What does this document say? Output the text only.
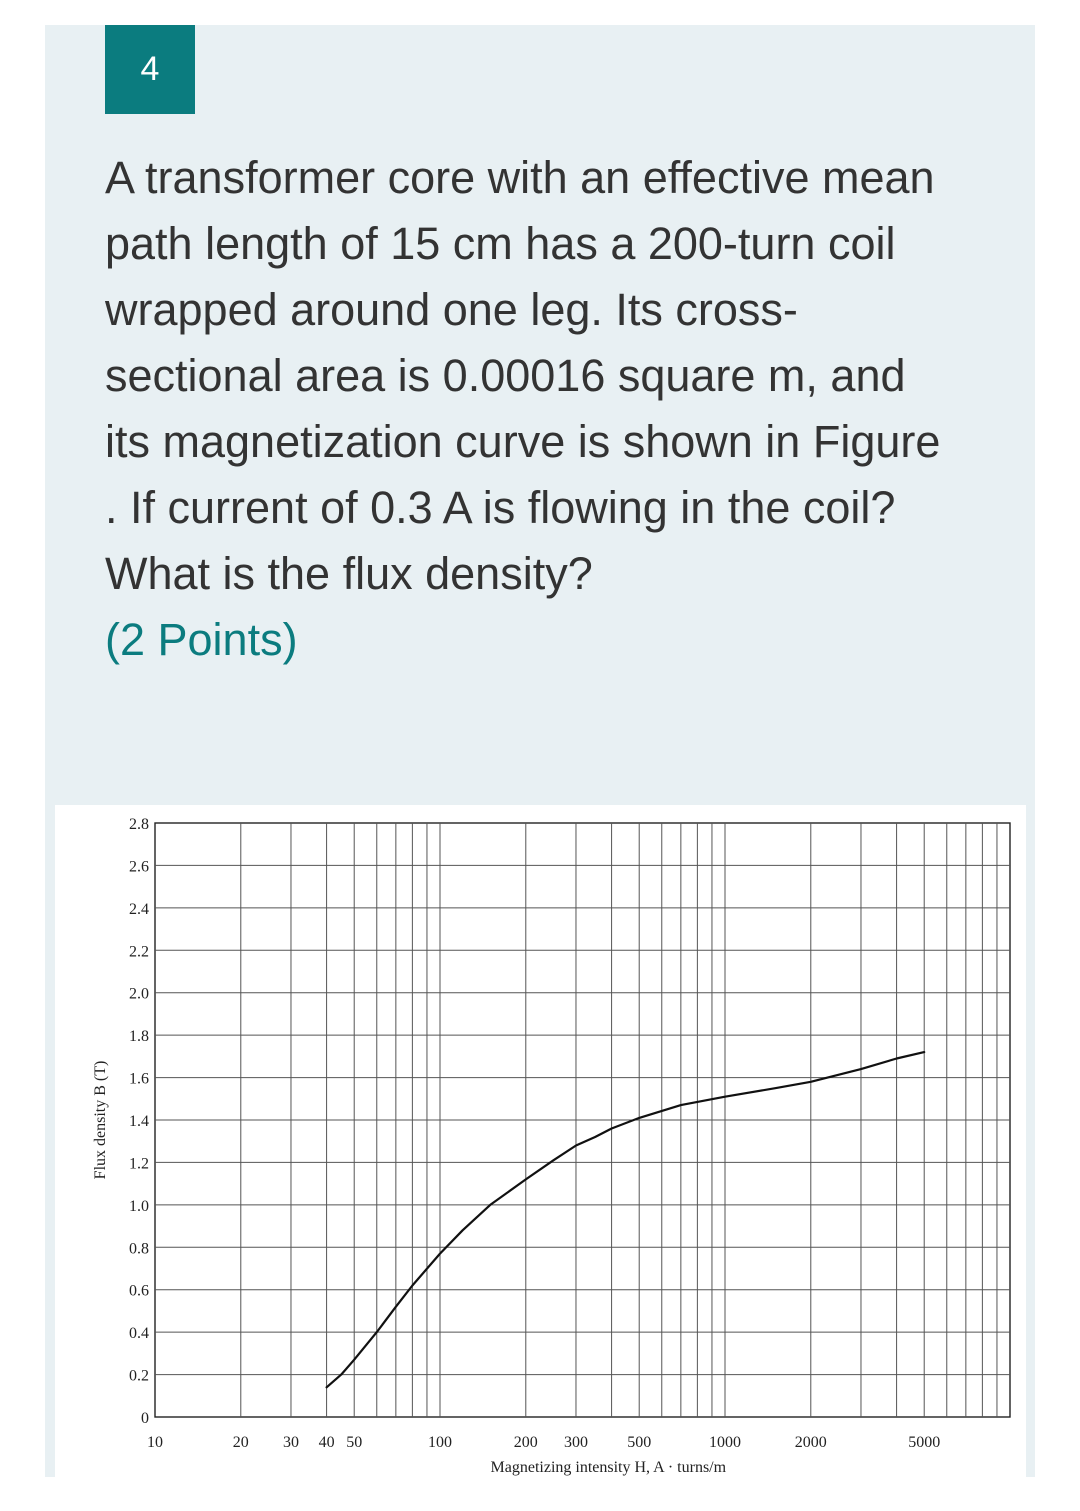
4
A transformer core with an effective mean path length of 15 cm has a 200-turn coil wrapped around one leg. Its cross-sectional area is 0.00016 square m, and its magnetization curve is shown in Figure . If current of 0.3 A is flowing in the coil? What is the flux density?
(2 Points)
0
0.2
0.4
0.6
0.8
1.0
1.2
1.4
1.6
1.8
2.0
2.2
2.4
2.6
2.8
10	20 30 40 50	100	200 300 500	1000	2000	5000
Flux density B (T)
Magnetizing intensity H, A · turns/m
